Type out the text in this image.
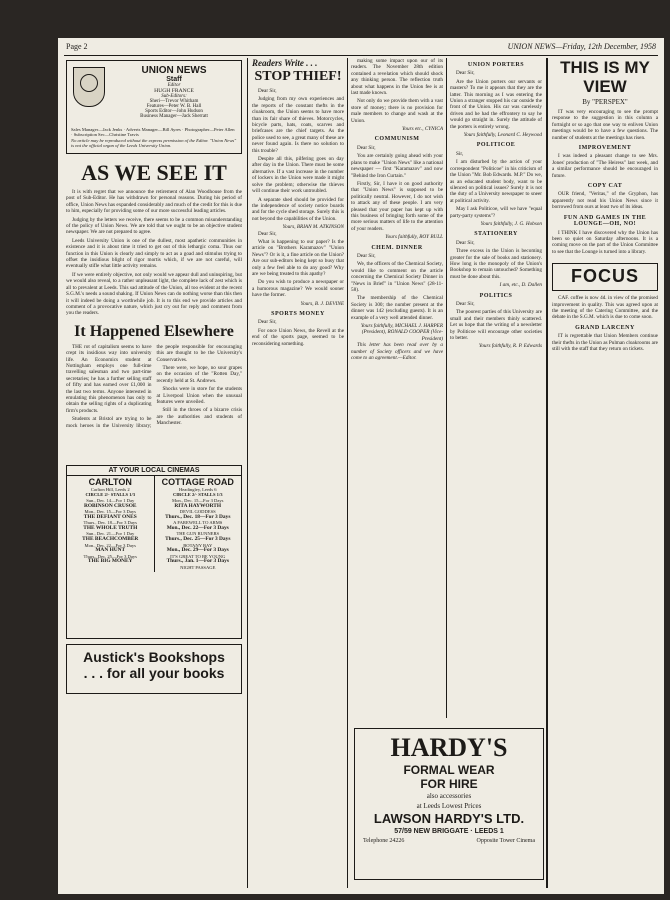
Page 2	UNION NEWS—Friday, 12th December, 1958
UNION NEWS
Staff
Editor
HUGH FRANCE
Sub-Editors:
Sheri—Trevor Whitham
Features—Peter W. B. Hall
Sports Editor—John Hudson
Business Manager—Jack Sherratt
Sales Manager—Jack Jenks · Adverts Manager—Bill Ayres · Photographer—Peter Allen · Subscription Sec—Christine Travis
No article may be reproduced without the express permission of the Editor. "Union News" is not the official organ of the Leeds University Union.
AS WE SEE IT

It is with regret that we announce the retirement of Alan Woodhouse from the post of Sub-Editor. He has withdrawn for personal reasons. During his period of office, Union News has expanded considerably and much of the credit for this is due to him, especially for providing some of our more successful leading articles.

Judging by the letters we receive, there seems to be a common misunderstanding of the policy of Union News. We are told that we ought to be an objective student newspaper. We are not prepared to agree.

Leeds University Union is one of the dullest, most apathetic communities in existence and it is about time it tried to get out of this lethargic coma. Thus our function in this Union is clearly and simply to act as a goad and stimulus trying to offset the insidious blight of rigor mortis which, if we are not careful, will eventually stifle what little activity remains.

If we were entirely objective, not only would we appear dull and uninspiring, but we would also reveal, to a rather unpleasant light, the complete lack of zest which is all to prevalent at Leeds. This sad attitude of the Union, all too evident at the recent S.G.M.'s needs a sound shaking. If Union News can do nothing worse than this then it will indeed be doing a worthwhile job. It is to this end we provide articles and comment of a provocative nature, which just cry out for reply and comment from you the readers.

It Happened Elsewhere

THE rot of capitalism seems to have crept its insidious way into university life. An Economics student at Nottingham employs one full-time travelling salesman and two part-time secretaries; he has a further selling staff of fifty and has earned over £1,000 in the last two terms. Anyone interested in emulating this phenomenon has only to obtain the selling rights of a duplicating firm's products.

Students at Bristol are trying to be mock heroes in the University library; the people responsible for encouraging this are thought to be the University's Conservatives.

There were, we hope, no sour grapes on the occasion of the "Rotten Day," recently held at St. Andrews.

Shocks were in store for the students at Liverpool Union when the unusual features were unveiled.

Still in the throes of a bizarre crisis are the authorities and students of Manchester.

AT YOUR LOCAL CINEMAS
CARLTON
Carlton Hill, Leeds 2
CIRCLE 2/- STALLS 1/3
Sun., Dec. 14—For 1 Day
ROBINSON CRUSOE
Mon., Dec. 15—For 3 Days
THE DEFIANT ONES
Thurs., Dec. 18—For 3 Days
THE WHOLE TRUTH
Sun., Dec. 21—For 1 Day
THE BEACHCOMBER
Mon., Dec. 22—For 3 Days
MAN HUNT
Thurs., Dec. 25—For 3 Days
THE BIG MONEY

COTTAGE ROAD
Headingley, Leeds 6
CIRCLE 2/- STALLS 1/3
Mon., Dec. 15—For 3 Days
RITA HAYWORTH
DEVIL GODDESS
Thurs., Dec. 18—For 3 Days
A FAREWELL TO ARMS
Mon., Dec. 22—For 3 Days
THE GUN RUNNERS
Thurs., Dec. 25—For 3 Days
BOTANY BAY
Mon., Dec. 29—For 3 Days
IT'S GREAT TO BE YOUNG
Thurs., Jan. 1—For 3 Days
NIGHT PASSAGE
Austick's Bookshops
. . . for all your books
Readers Write . . .
STOP THIEF!

Dear Sir,

Judging from my own experiences and the reports of the constant thefts in the cloakroom, the Union seems to have more than its fair share of thieves. Motorcycles, bicycle parts, hats, coats, scarves and briefcases are the chief targets. As the police used to see, a great many of these are never found again. Is there no solution to this trouble?

Despite all this, pilfering goes on day after day in the Union. There must be some alternative. If a vast increase in the number of lockers in the Union were made it might solve the problem; otherwise the thieves will continue their work untroubled.

A separate shed should be provided for the independence of society notice boards and for the cycle shed storage. Surely this is not beyond the capabilities of the Union.

Yours, BRIAN M. ATKINSON

Dear Sir,

What is happening to our paper? Is the article on "Brothers Karamazov" "Union News"? Or is it, a fine article on the Union? Are our sub-editors being kept so busy that only a few feel able to do any good? Why are we being treated to this apathy?

Do you wish to produce a newspaper or a humorous magazine? We would sooner have the former.

Yours, B. J. DEVINE
SPORTS MONEY

Dear Sir,

For once Union News, the Revell at the end of the sports page, seemed to be reconsidering something.

making some impact upon our of its readers. The November 28th edition contained a revelation which should shock any thinking person. The reflection truth about what happens in the Union fee is at last made known.

Not only do we provide them with a vast store of money; there is no provision for male members to change and wash at the Union.

Yours etc., CYNICA
COMMUNISM

Dear Sir,

You are certainly going ahead with your plans to make "Union News" like a national newspaper — first "Karamazov" and now "Behind the Iron Curtain."

Firstly, Sir, I have it on good authority that "Union News" is supposed to be politically neutral. However, I do not wish to attack any of these people. I am very pleased that your paper has kept up with this business of bringing forth some of the more serious matters of life to the attention of your readers.

Yours faithfully, ROY BULL
CHEM. DINNER

Dear Sir,

We, the officers of the Chemical Society, would like to comment on the article concerning the Chemical Society Dinner in "News in Brief" in "Union News" (28-11-58).

The membership of the Chemical Society is 300; the number present at the dinner was 142 (excluding guests). It is an example of a very well attended dinner.

Yours faithfully, MICHAEL J. HARPER (President), RONALD COOPER (Vice-President)

This letter has been read over by a number of Society officers and we have come to an agreement.—Editor.

UNION PORTERS

Dear Sir,

Are the Union porters our servants or masters? To me it appears that they are the latter. This morning as I was entering the Union a stranger stopped his car outside the front of the Union. His car was carelessly driven and he had the effrontery to say he would go straight in. Surely the attitude of the porters is entirely wrong.

Yours faithfully, Leonard C. Heywood
POLITICOE

Sir,

I am disturbed by the action of your correspondent "Politicoe" in his criticism of the Union "Mr. Bob Edwards. M.P." Do we, as an educated student body, want to be silenced on political issues? Surely it is not the duty of a University newspaper to sneer at political activity.

May I ask Politicoe, will we have "equal party-party systems"?

Yours faithfully, J. G. Hobson
STATIONERY

Dear Sir,

Three excess in the Union is becoming greater for the sale of books and stationery. How long is the monopoly of the Union's Bookshop to remain untouched? Something must be done about this.

I am, etc., D. Dallen
POLITICS

Dear Sir,

The poorest parties of this University are small and their members thinly scattered. Let us hope that the writing of a newsletter by Politicoe will encourage other societies to better.

Yours faithfully, R. P. Edwards
HARDY'S
FORMAL WEAR
FOR HIRE
also accessories
at Leeds Lowest Prices
LAWSON HARDY'S LTD.
57/59 NEW BRIGGATE · LEEDS 1
Telephone 24226	Opposite Tower Cinema
THIS IS MY
VIEW
By "PERSPEX"

IT was very encouraging to see the prompt response to the suggestion in this column a fortnight or so ago that one way to enliven Union meetings would be to have a few questions. The number of students at the meetings has risen.

IMPROVEMENT

I was indeed a pleasant change to see Mrs. Jones' production of "The Heiress" last week, and a similar performance should be encouraged in future.

COPY CAT

OUR friend, "Veritas," of the Gryphon, has apparently not read his Union News since it borrowed from ours at least two of its ideas.

FUN AND GAMES IN THE LOUNGE—OH, NO!

I THINK I have discovered why the Union has been so quiet on Saturday afternoons. It is a coming move on the part of the Union Committee to see that the Lounge is turned into a library.

FOCUS

CAF. coffee is now 4d. in view of the promised improvement in quality. This was agreed upon at the meeting of the Catering Committee, and the debate in the S.G.M. which is due to come soon.

GRAND LARCENY

IT is regrettable that Union Members continue their thefts in the Union as Pulman cloakrooms are still with the staff that they return on tickets.
